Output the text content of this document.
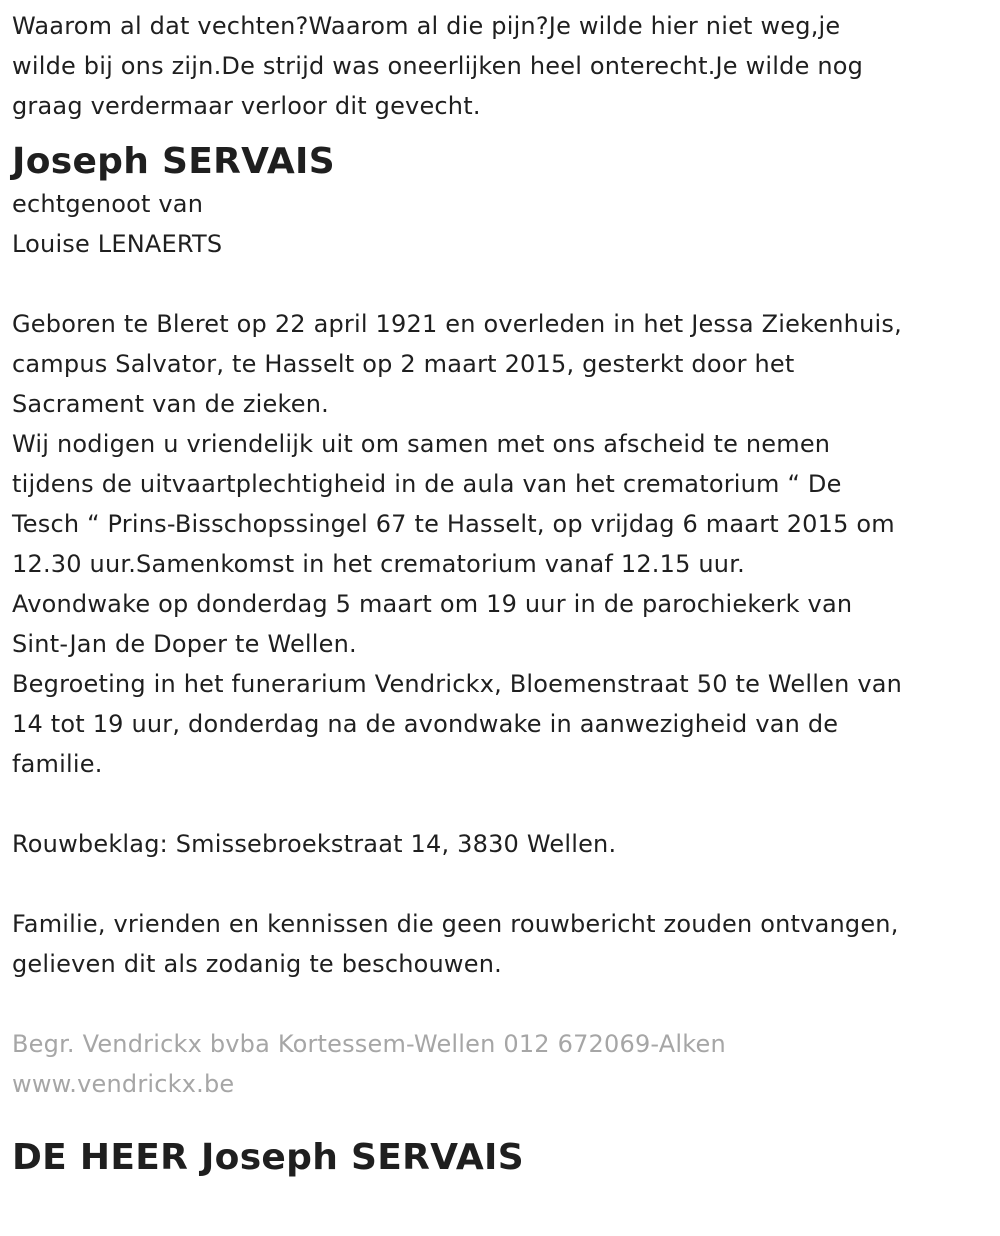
Waarom al dat vechten?Waarom al die pijn?Je wilde hier niet weg,je

wilde bij ons zijn.De strijd was oneerlijken heel onterecht.Je wilde nog

graag verdermaar verloor dit gevecht.

Joseph SERVAIS

echtgenoot van

Louise LENAERTS

Geboren te Bleret op 22 april 1921 en overleden in het Jessa Ziekenhuis,

campus Salvator, te Hasselt op 2 maart 2015, gesterkt door het

Sacrament van de zieken.

Wij nodigen u vriendelijk uit om samen met ons afscheid te nemen

tijdens de uitvaartplechtigheid in de aula van het crematorium “ De

Tesch “ Prins-Bisschopssingel 67 te Hasselt, op vrijdag 6 maart 2015 om

12.30 uur.Samenkomst in het crematorium vanaf 12.15 uur.

Avondwake op donderdag 5 maart om 19 uur in de parochiekerk van

Sint-Jan de Doper te Wellen.

Begroeting in het funerarium Vendrickx, Bloemenstraat 50 te Wellen van

14 tot 19 uur, donderdag na de avondwake in aanwezigheid van de

familie.

Rouwbeklag: Smissebroekstraat 14, 3830 Wellen.

Familie, vrienden en kennissen die geen rouwbericht zouden ontvangen,

gelieven dit als zodanig te beschouwen.

Begr. Vendrickx bvba Kortessem-Wellen 012 672069-Alken

www.vendrickx.be

DE HEER Joseph SERVAIS
